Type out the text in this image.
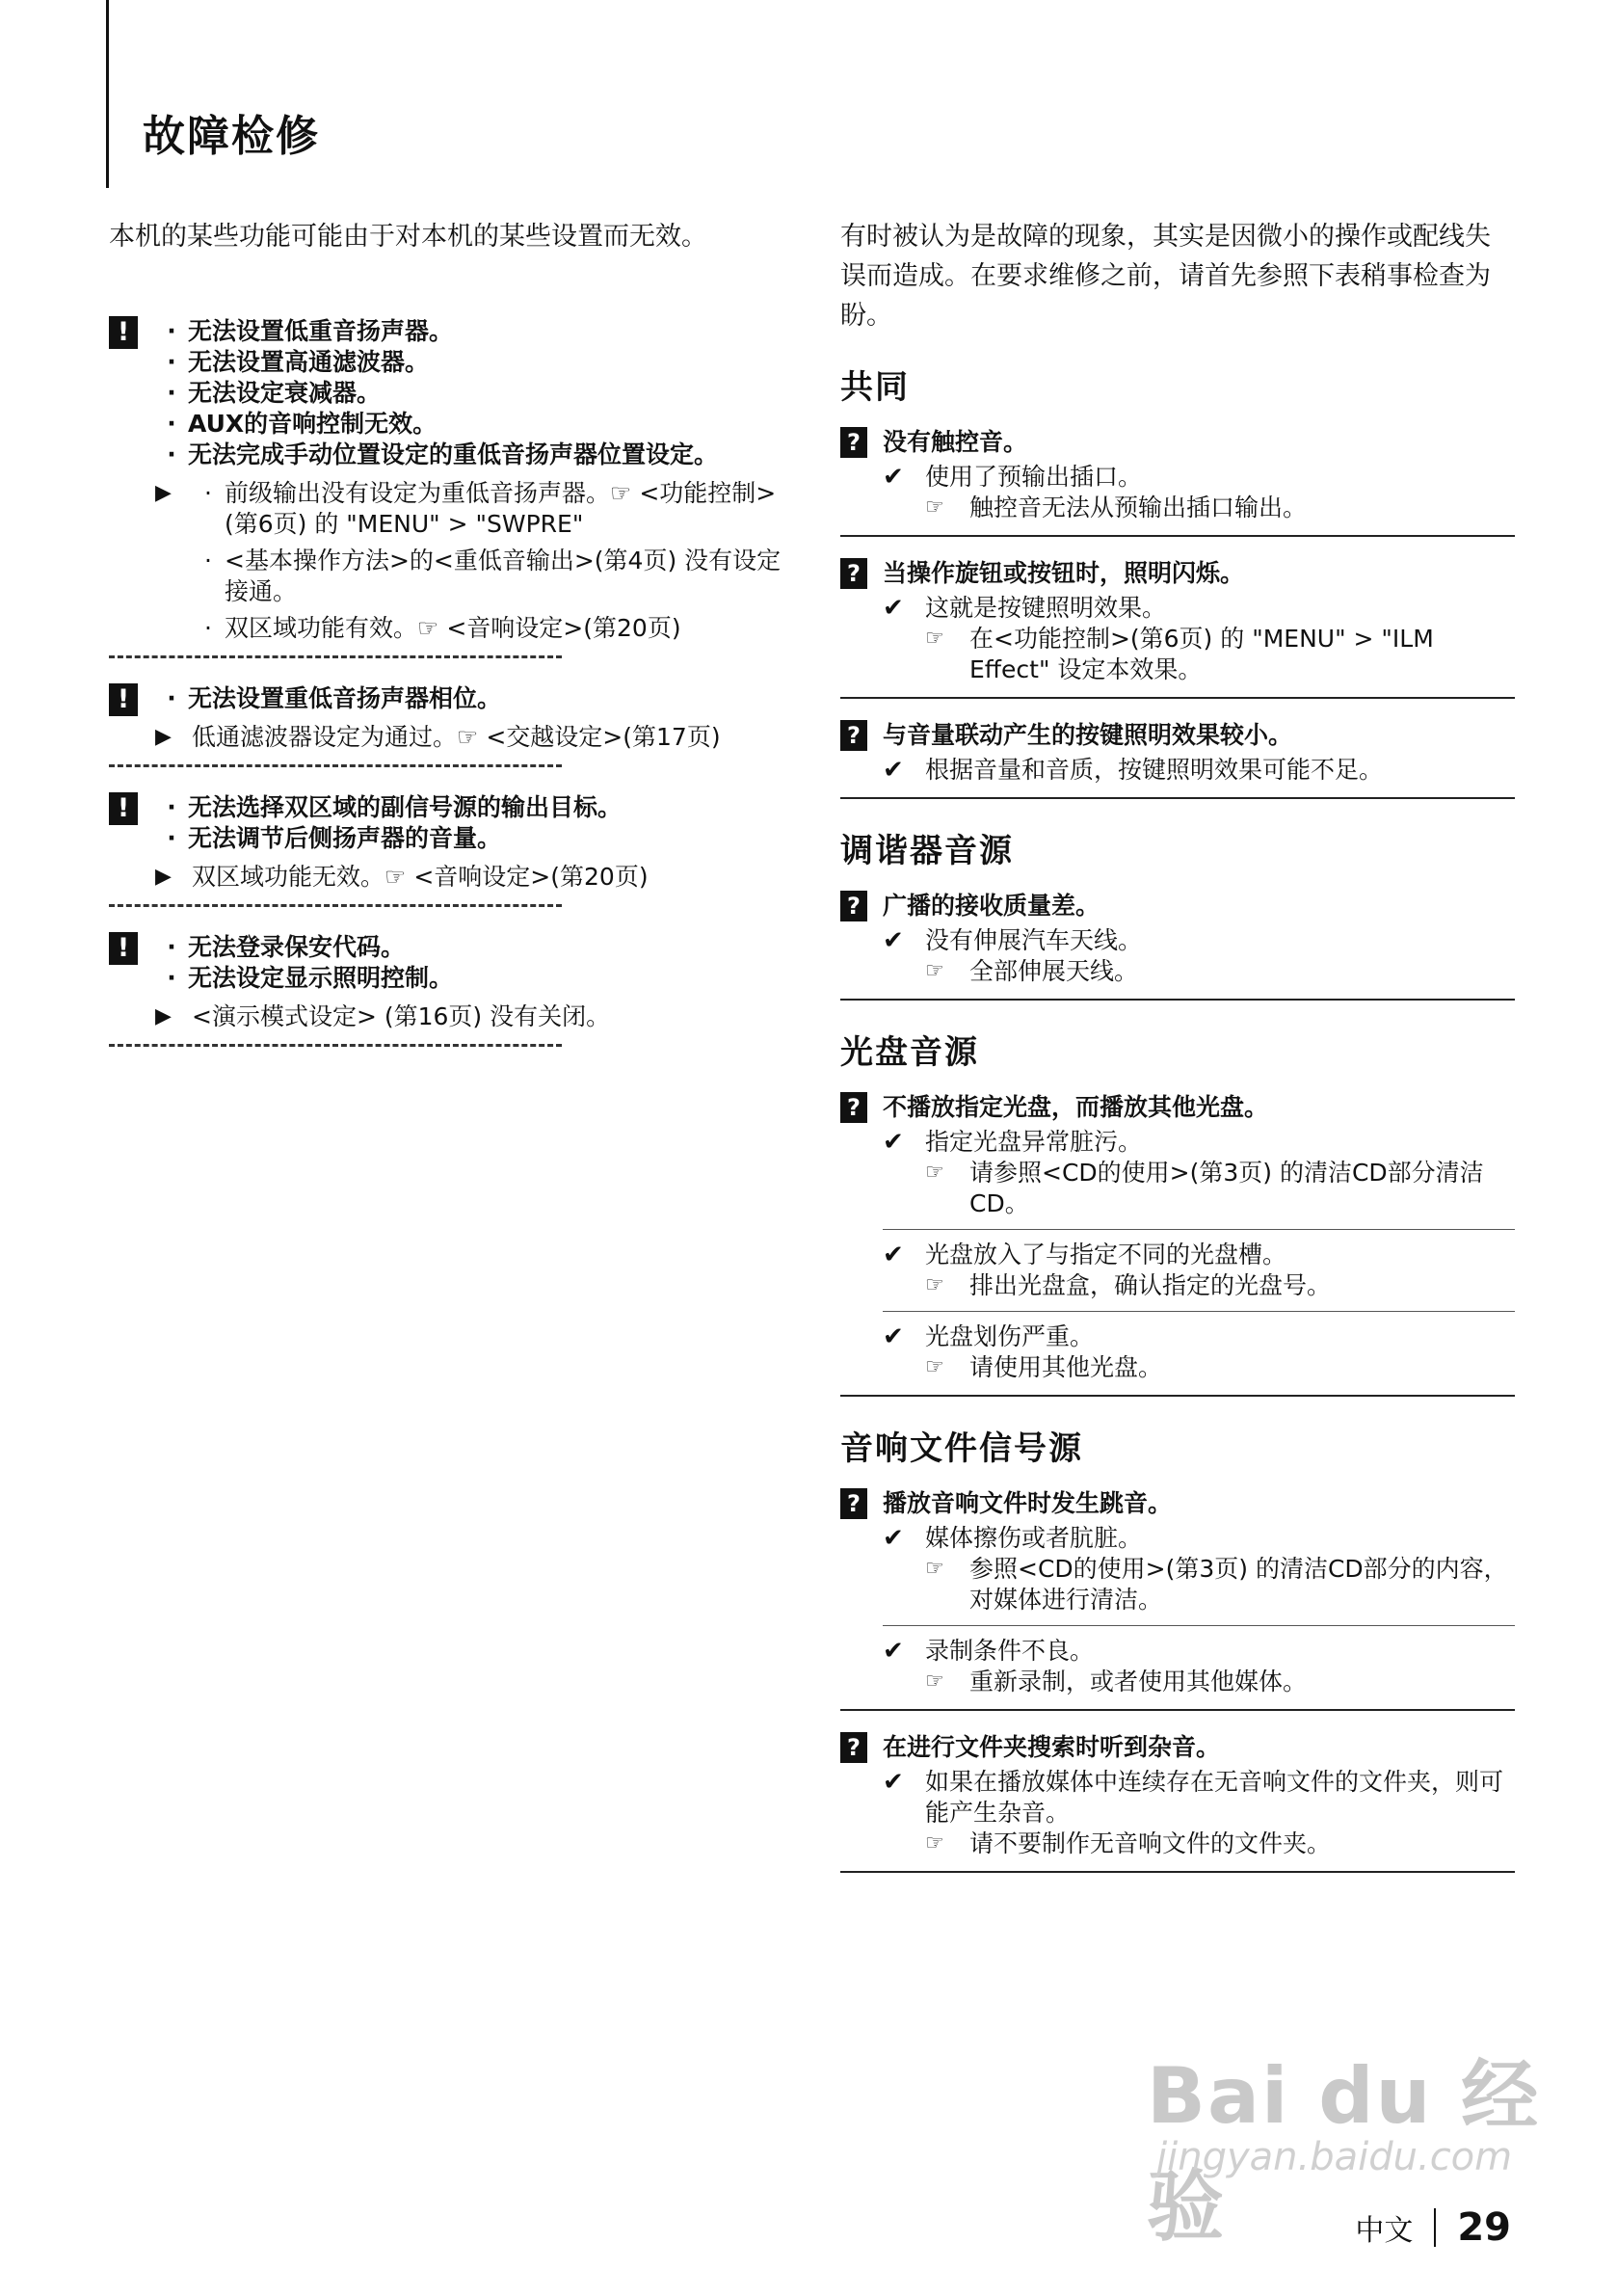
故障检修

本机的某些功能可能由于对本机的某些设置而无效。

!	· 无法设置低重音扬声器。
· 无法设置高通滤波器。
· 无法设定衰减器。
· AUX的音响控制无效。
· 无法完成手动位置设定的重低音扬声器位置设定。
▶	· 前级输出没有设定为重低音扬声器。☞ <功能控制>(第6页) 的 "MENU" > "SWPRE"
· <基本操作方法>的<重低音输出>(第4页) 没有设定接通。
· 双区域功能有效。☞ <音响设定>(第20页)
!	· 无法设置重低音扬声器相位。
▶ 低通滤波器设定为通过。☞ <交越设定>(第17页)
!	· 无法选择双区域的副信号源的输出目标。
· 无法调节后侧扬声器的音量。
▶ 双区域功能无效。☞ <音响设定>(第20页)
!	· 无法登录保安代码。
· 无法设定显示照明控制。
▶ <演示模式设定> (第16页) 没有关闭。

有时被认为是故障的现象，其实是因微小的操作或配线失误而造成。在要求维修之前，请首先参照下表稍事检查为盼。

共同
? 没有触控音。
✔ 使用了预输出插口。
☞	触控音无法从预输出插口输出。
? 当操作旋钮或按钮时，照明闪烁。
✔ 这就是按键照明效果。
☞	在<功能控制>(第6页) 的 "MENU" > "ILM Effect" 设定本效果。
? 与音量联动产生的按键照明效果较小。
✔ 根据音量和音质，按键照明效果可能不足。
调谐器音源
? 广播的接收质量差。
✔ 没有伸展汽车天线。
☞	全部伸展天线。
光盘音源
? 不播放指定光盘，而播放其他光盘。
✔ 指定光盘异常脏污。
☞	请参照<CD的使用>(第3页) 的清洁CD部分清洁CD。
✔ 光盘放入了与指定不同的光盘槽。
☞	排出光盘盒，确认指定的光盘号。
✔ 光盘划伤严重。
☞	请使用其他光盘。
音响文件信号源
? 播放音响文件时发生跳音。
✔ 媒体擦伤或者肮脏。
☞	参照<CD的使用>(第3页) 的清洁CD部分的内容，对媒体进行清洁。
✔ 录制条件不良。
☞	重新录制，或者使用其他媒体。
? 在进行文件夹搜索时听到杂音。
✔ 如果在播放媒体中连续存在无音响文件的文件夹，则可能产生杂音。
☞	请不要制作无音响文件的文件夹。
Bai du 经验
jingyan.baidu.com
中文 29
